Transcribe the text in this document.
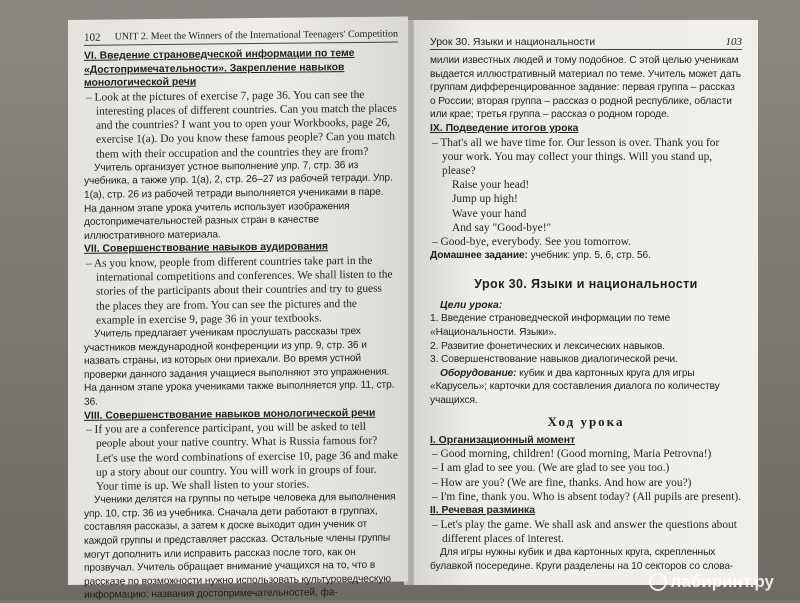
102 UNIT 2. Meet the Winners of the International Teenagers' Competition

VI. Введение страноведческой информации по теме «Достопримечательности». Закрепление навыков монологической речи

– Look at the pictures of exercise 7, page 36. You can see the interesting places of different countries. Can you match the places and the countries? I want you to open your Workbooks, page 26, exercise 1(a). Do you know these famous people? Can you match them with their occupation and the countries they are from?

Учитель организует устное выполнение упр. 7, стр. 36 из учебника, а также упр. 1(а), 2, стр. 26–27 из рабочей тетради. Упр. 1(а), стр. 26 из рабочей тетради выполняется учениками в паре. На данном этапе урока учитель использует изображения достопримечательностей разных стран в качестве иллюстративного материала.

VII. Совершенствование навыков аудирования

– As you know, people from different countries take part in the international competitions and conferences. We shall listen to the stories of the participants about their countries and try to guess the places they are from. You can see the pictures and the example in exercise 9, page 36 in your textbooks.

Учитель предлагает ученикам прослушать рассказы трех участников международной конференции из упр. 9, стр. 36 и назвать страны, из которых они приехали. Во время устной проверки данного задания учащиеся выполняют это упражнения. На данном этапе урока учениками также выполняется упр. 11, стр. 36.

VIII. Совершенствование навыков монологической речи

– If you are a conference participant, you will be asked to tell people about your native country. What is Russia famous for? Let's use the word combinations of exercise 10, page 36 and make up a story about our country. You will work in groups of four. Your time is up. We shall listen to your stories.

Ученики делятся на группы по четыре человека для выполнения упр. 10, стр. 36 из учебника. Сначала дети работают в группах, составляя рассказы, а затем к доске выходит один ученик от каждой группы и представляет рассказ. Остальные члены группы могут дополнить или исправить рассказ после того, как он прозвучал. Учитель обращает внимание учащихся на то, что в рассказе по возможности нужно использовать культуроведческую информацию: названия достопримечательностей, фа-

Урок 30. Языки и национальности	103

милии известных людей и тому подобное. С этой целью ученикам выдается иллюстративный материал по теме. Учитель может дать группам дифференцированное задание: первая группа – рассказ о России; вторая группа – рассказ о родной республике, области или крае; третья группа – рассказ о родном городе.

IX. Подведение итогов урока

– That's all we have time for. Our lesson is over. Thank you for your work. You may collect your things. Will you stand up, please?

Raise your head!

Jump up high!

Wave your hand

And say "Good-bye!"

– Good-bye, everybody. See you tomorrow.

Домашнее задание: учебник: упр. 5, 6, стр. 56.

Урок 30. Языки и национальности

Цели урока:

1. Введение страноведческой информации по теме «Национальности. Языки».

2. Развитие фонетических и лексических навыков.

3. Совершенствование навыков диалогической речи.

Оборудование: кубик и два картонных круга для игры «Карусель»; карточки для составления диалога по количеству учащихся.

Ход урока

I. Организационный момент

– Good morning, children! (Good morning, Maria Petrovna!)

– I am glad to see you. (We are glad to see you too.)

– How are you? (We are fine, thanks. And how are you?)

– I'm fine, thank you. Who is absent today? (All pupils are present).

II. Речевая разминка

– Let's play the game. We shall ask and answer the questions about different places of interest.

Для игры нужны кубик и два картонных круга, скрепленных булавкой посередине. Круги разделены на 10 секторов со слова-

лабиринт.ру
